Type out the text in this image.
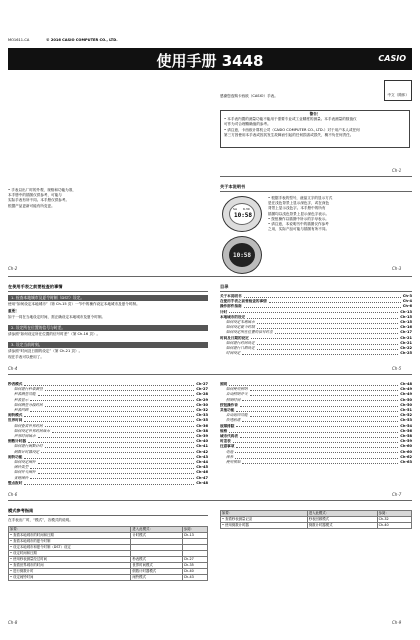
MO1611-CA	© 2016 CASIO COMPUTER CO., LTD.
使用手册 3448	CASIO
中文（简体）
感谢您选购卡西欧（CASIO）手表。
警告！
• 本手表内置的测量功能不能用于需要专业或工业精度的测量。本手表测量的数值仅
可作为对合理精确值的参考。
• 请注意，卡西欧计算机公司（CASIO COMPUTER CO., LTD.）对于用户本人或任何
第三方因使用本手表或因其发生故障而引起的任何损害或损失，概不负任何责任。
Ch-1
• 手表以出厂时的外观、规格和功能为准，
本手册中的插图仅供参考，可能与
实际手表有所不同。本手册仅供参考。
根据产品更新可能有所变更。
Ch-2
关于本说明书
10:58
SA 6.30
10:58
• 根据手表的型号，液晶文字的显示方式
是在浅色背景上显示深色字，或在深色
背景上显示浅色字。本手册中的所有
插图均以浅色背景上显示深色字表示。
• 按钮操作以插图中所示的字母表示。
• 请注意，本说明书中的插图仅作参考
之用，实际产品可能与插图有所不同。
Ch-3
在使用手表之前要检查的事情
1. 检查本地城市及夏令时制（DST）设定。
使用“如何设定本地城市”（第 Ch-15 页）一节中的操作设定本地城市及夏令时制。
重要！
如于一同在当地设定时间，需正确设定本地城市及夏令时制。
2. 设定所在位置的信号与时差。
请参照“如何设定所在位置的信号时差”（第 Ch-16 页）。
3. 设定当前时刻。
请参照“时间及日期的设定”（第 Ch-21 页）。
现在手表可以使用了。
Ch-4
目录
关于本说明书	Ch-3
在使用手表之前要检查的事情	Ch-4
操作部件指南	Ch-6
计时	Ch-13
本地城市的设定	Ch-15
如何设定本地城市	Ch-15
如何设定夏令时制	Ch-16
如何设定所在位置的信号时差	Ch-17
时间及日期的设定	Ch-21
如何进行时间设定	Ch-21
如何进行日期设定	Ch-22
时间设定	Ch-25
Ch-5
秒表模式	Ch-27
如何进行秒表测量	Ch-27
秒表测量功能	Ch-28
秒表显示	Ch-29
如何测量分段时间	Ch-30
秒表回顾	Ch-32
闹铃模式	Ch-33
世界时间	Ch-35
如何查看世界时间	Ch-36
如何设定世界时间城市	Ch-38
世界时间城市	Ch-39
倒数计时器	Ch-40
如何进行倒数计时	Ch-41
倒数计时器设定	Ch-42
闹铃功能	Ch-43
如何设定闹铃	Ch-44
闹铃类型	Ch-45
如何开关闹铃	Ch-46
贪睡闹铃	Ch-47
整点报时	Ch-48
Ch-6
照明	Ch-48
如何使用照明	Ch-49
自动照明开关	Ch-49
照明时间	Ch-50
按钮操作音	Ch-50
其他功能	Ch-51
自动返回功能	Ch-52
快速前进	Ch-53
故障排除	Ch-54
规格	Ch-56
城市代码表	Ch-58
时差表	Ch-59
注意事项	Ch-60
电池	Ch-60
保养	Ch-62
使用须知	Ch-63
Ch-7
模式参考指南
在手表出厂时，“模式”，各模式的说明。
如要：	进入此模式：	参阅：
• 查看本地城市的时间和日期	计时模式	Ch-13
• 查看本地城市的夏令时制		
• 设定本地城市和夏令时制（DST）设定		
• 设定时间和日期		
• 使用秒表测量经过时间	秒表模式	Ch-27
• 查看世界城市的时间	世界时间模式	Ch-35
• 进行倒数计时	倒数计时器模式	Ch-40
• 设定闹铃时间	闹铃模式	Ch-43
Ch-8
如要：	进入此模式：	参阅：
• 查看秒表测量记录	秒表回顾模式	Ch-32
• 使用倒数计时器	倒数计时器模式	Ch-40
Ch-9
